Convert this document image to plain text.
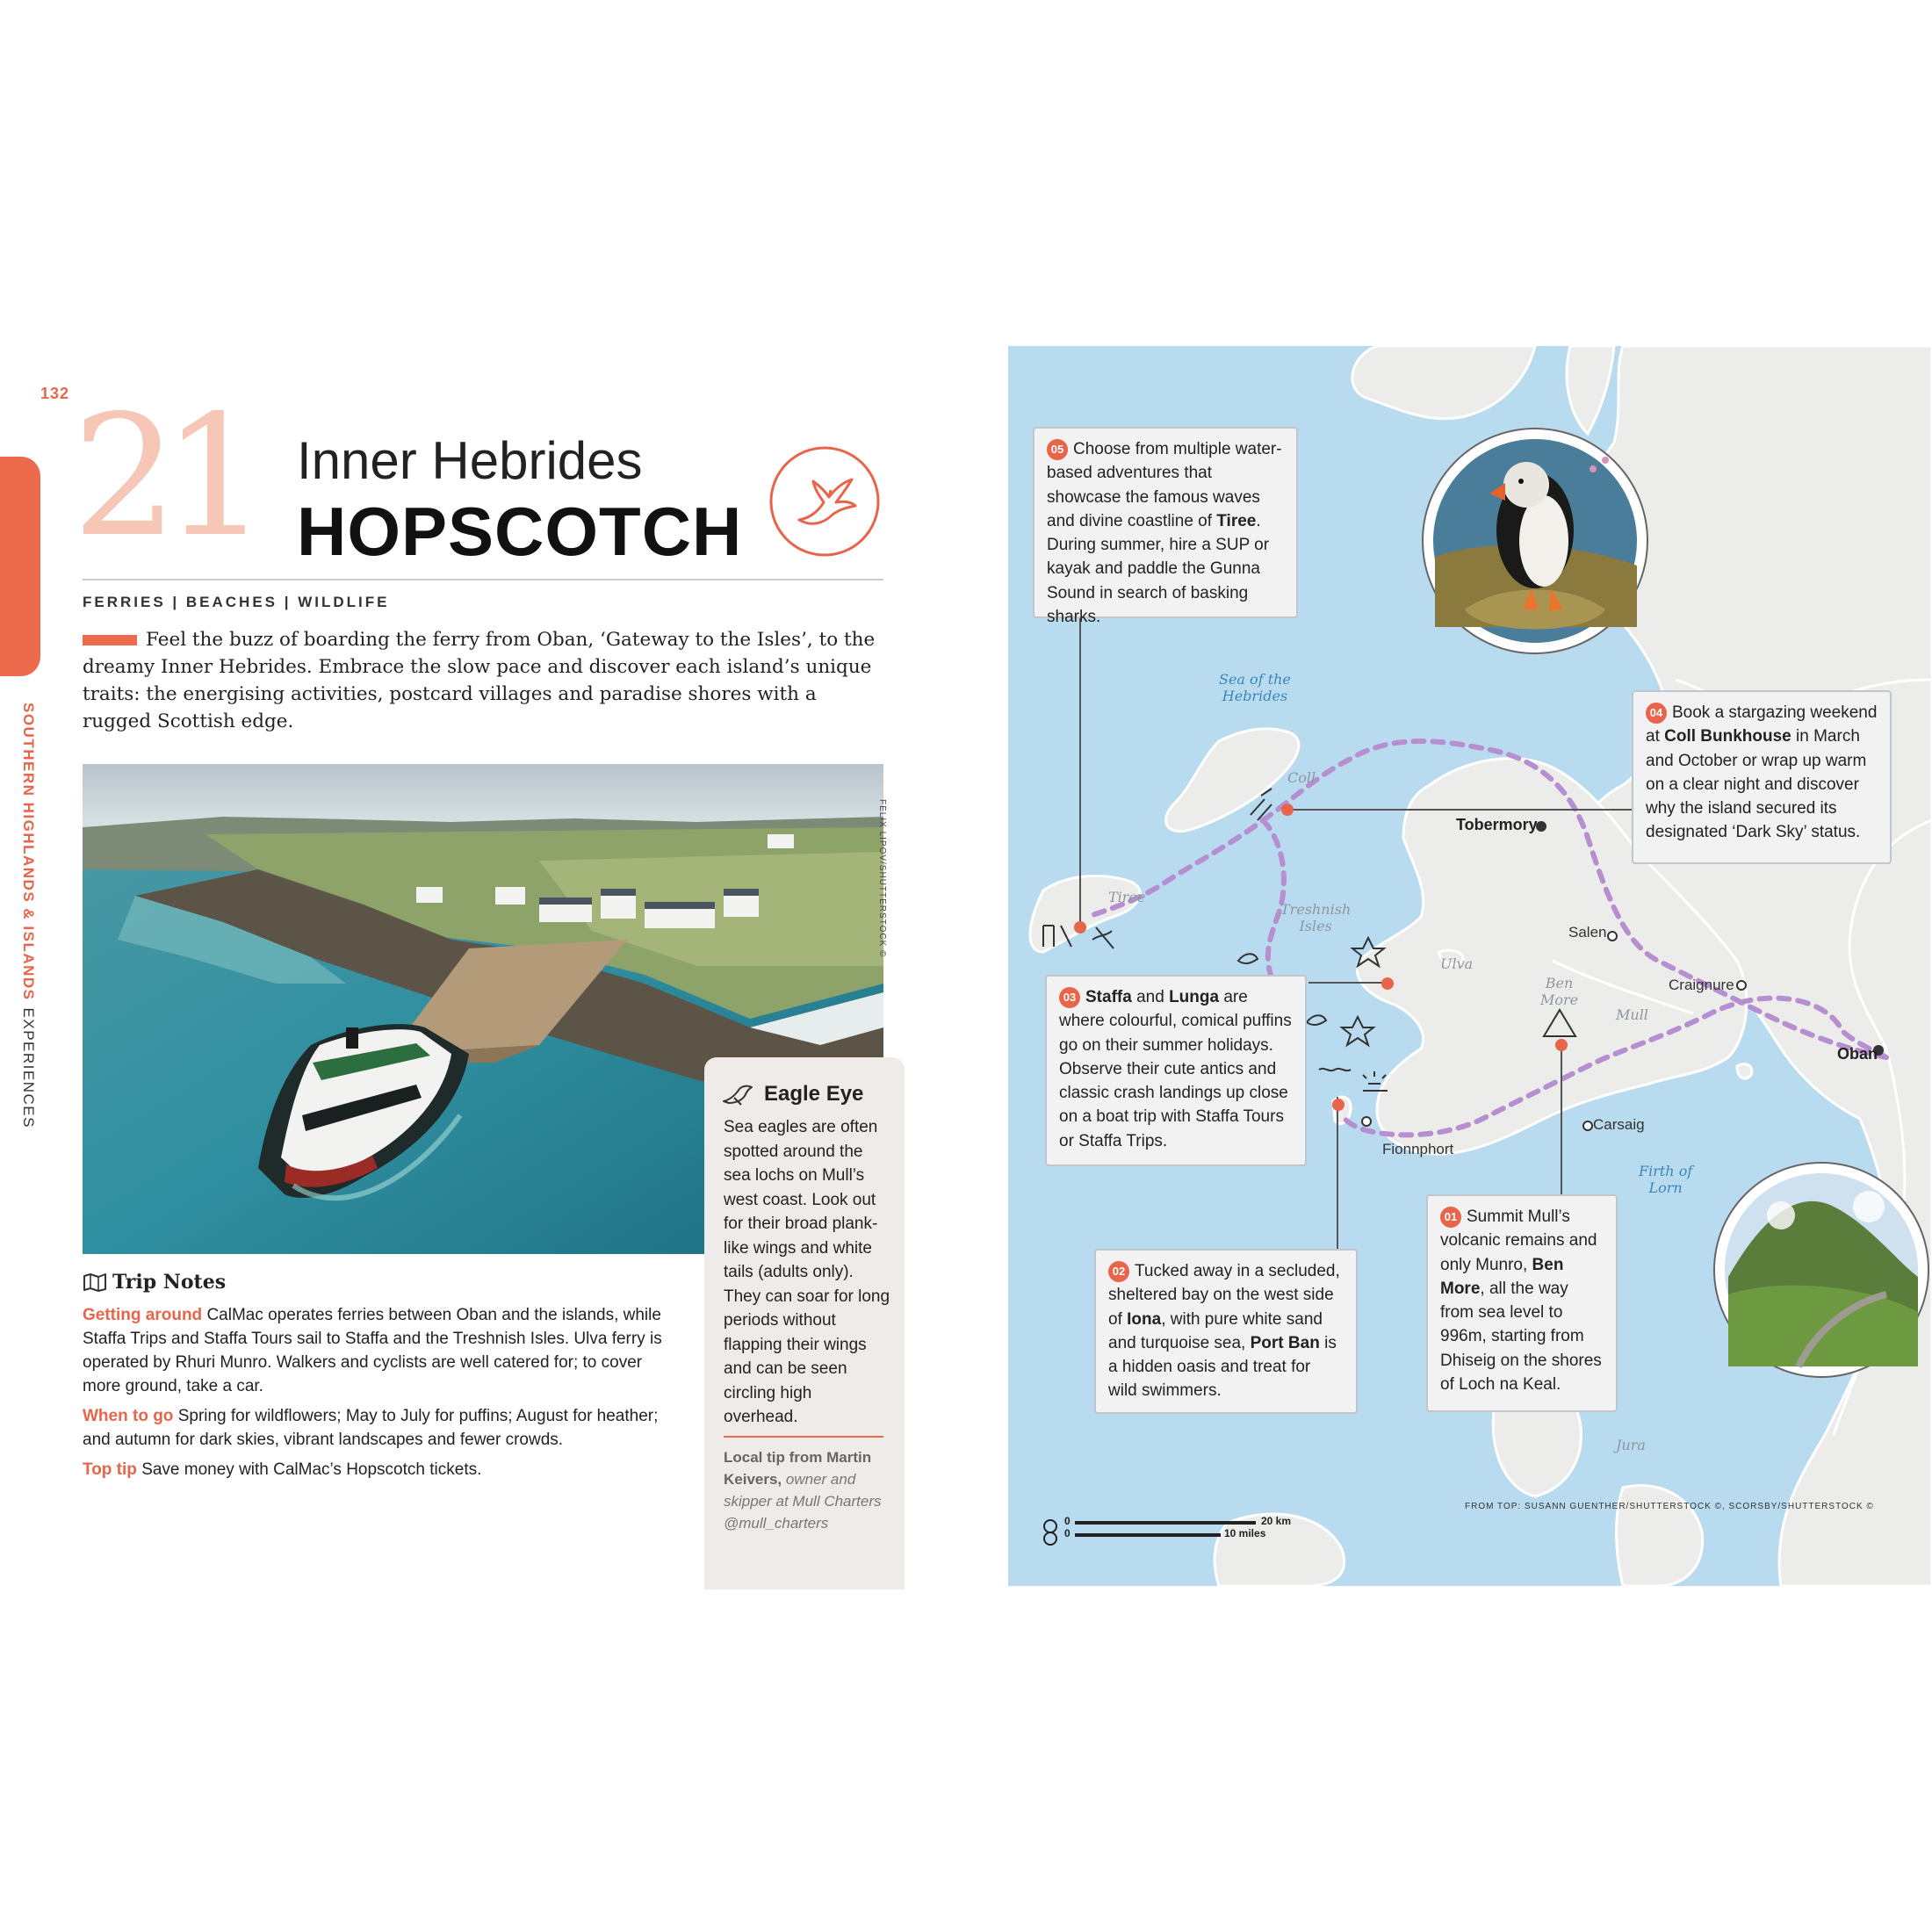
132
SOUTHERN HIGHLANDS & ISLANDSEXPERIENCES
21 Inner Hebrides
HOPSCOTCH
FERRIES | BEACHES | WILDLIFE
Feel the buzz of boarding the ferry from Oban, ‘Gateway to the Isles’, to the dreamy Inner Hebrides. Embrace the slow pace and discover each island’s unique traits: the energising activities, postcard villages and paradise shores with a rugged Scottish edge.
FELIX LIPOV/SHUTTERSTOCK ©
Eagle Eye
Sea eagles are often spotted around the sea lochs on Mull’s west coast. Look out for their broad plank-like wings and white tails (adults only). They can soar for long periods without flapping their wings and can be seen circling high overhead.
Local tip from Martin Keivers, owner and skipper at Mull Charters @mull_charters
Trip Notes

Getting around CalMac operates ferries between Oban and the islands, while Staffa Trips and Staffa Tours sail to Staffa and the Treshnish Isles. Ulva ferry is operated by Rhuri Munro. Walkers and cyclists are well catered for; to cover more ground, take a car.

When to go Spring for wildflowers; May to July for puffins; August for heather; and autumn for dark skies, vibrant landscapes and fewer crowds.

Top tip Save money with CalMac’s Hopscotch tickets.

Sea of the
Hebrides
Firth of
Lorn
Coll
Tiree
Treshnish
Isles
Ulva
Ben
More
Mull
Jura
Tobermory
Salen
Craignure
Oban
Carsaig
Fionnphort
05 Choose from multiple water-based adventures that showcase the famous waves and divine coastline of Tiree. During summer, hire a SUP or kayak and paddle the Gunna Sound in search of basking sharks.
04 Book a stargazing weekend at Coll Bunkhouse in March and October or wrap up warm on a clear night and discover why the island secured its designated ‘Dark Sky’ status.
03 Staffa and Lunga are where colourful, comical puffins go on their summer holidays. Observe their cute antics and classic crash landings up close on a boat trip with Staffa Tours or Staffa Trips.
02 Tucked away in a secluded, sheltered bay on the west side of Iona, with pure white sand and turquoise sea, Port Ban is a hidden oasis and treat for wild swimmers.
01 Summit Mull’s volcanic remains and only Munro, Ben More, all the way from sea level to 996m, starting from Dhiseig on the shores of Loch na Keal.
0
0
20 km
10 miles
FROM TOP: SUSANN GUENTHER/SHUTTERSTOCK ©, SCORSBY/SHUTTERSTOCK ©
